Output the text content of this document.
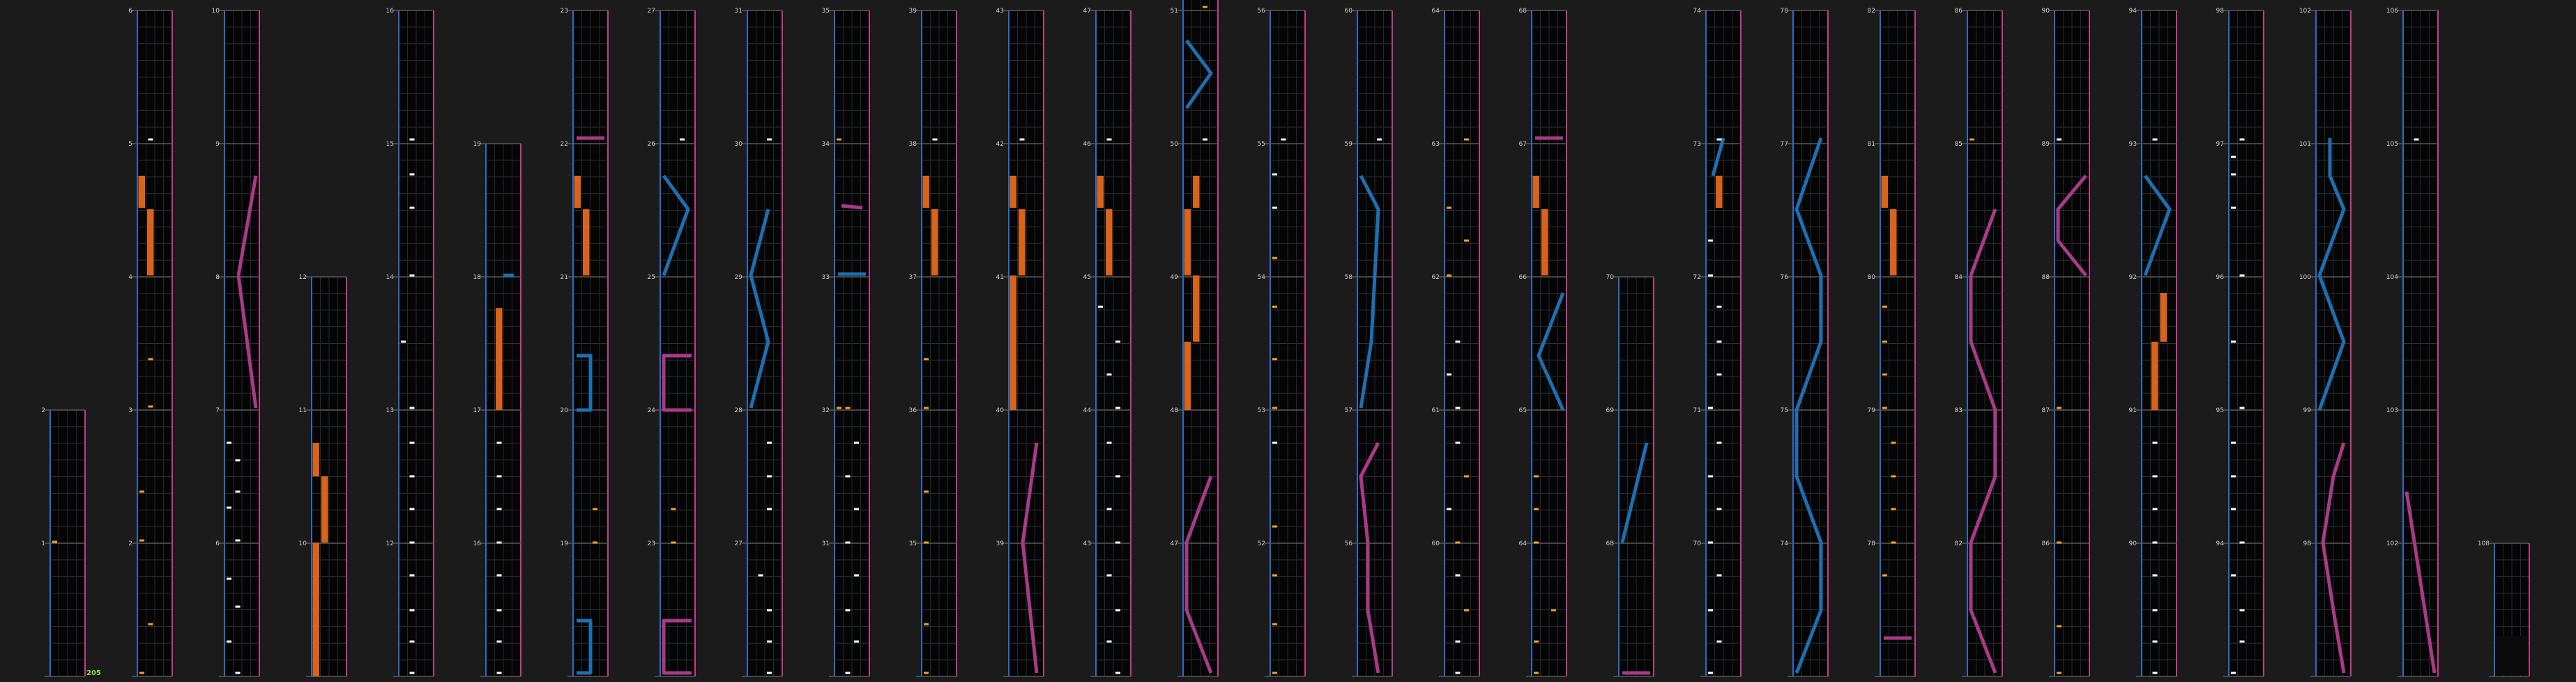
2
1
6
5
4
3
2
10
9
8
7
6
12
11
10
16
15
14
13
12
19
18
17
16
23
22
21
20
19
27
26
25
24
23
31
30
29
28
27
35
34
33
32
31
39
38
37
36
35
43
42
41
40
39
47
46
45
44
43
51
50
49
48
47
56
55
54
53
52
60
59
58
57
56
64
63
62
61
60
68
67
66
65
64
70
69
68
74
73
72
71
70
78
77
76
75
74
82
81
80
79
78
86
85
84
83
82
90
89
88
87
86
94
93
92
91
90
98
97
96
95
94
102
101
100
99
98
106
105
104
103
102	108
205
